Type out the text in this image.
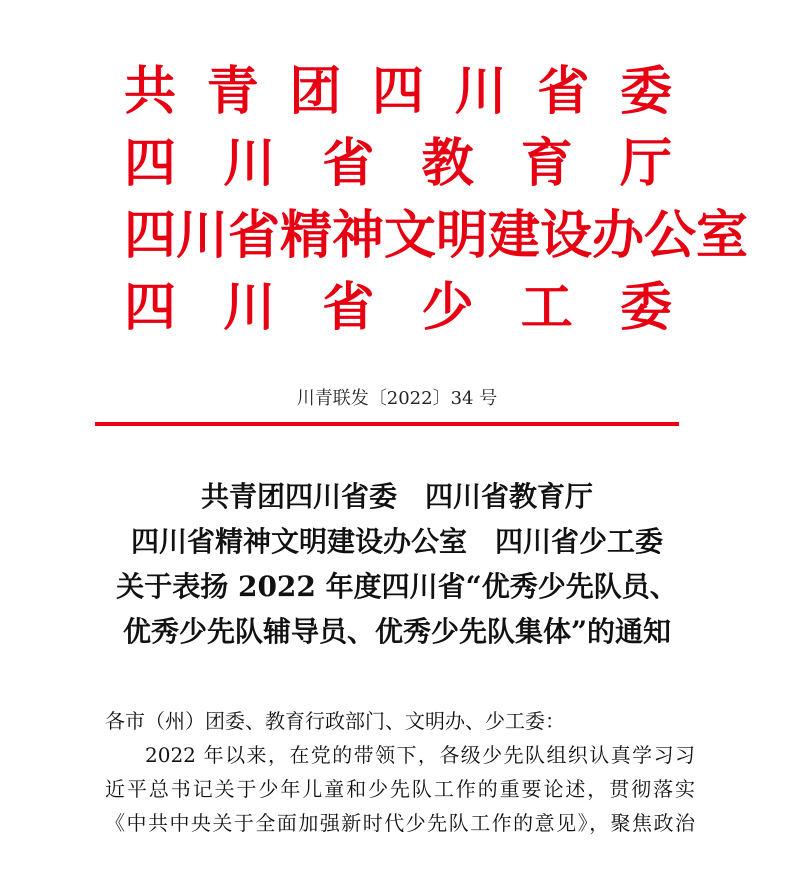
共青团四川省委
四川省教育厅
四川省精神文明建设办公室
四川省少工委
川青联发〔2022〕34 号
共青团四川省委　四川省教育厅
四川省精神文明建设办公室　四川省少工委
关于表扬 2022 年度四川省“优秀少先队员、
优秀少先队辅导员、优秀少先队集体”的通知
各市（州）团委、教育行政部门、文明办、少工委：
2022 年以来，在党的带领下，各级少先队组织认真学习习
近平总书记关于少年儿童和少先队工作的重要论述，贯彻落实
《中共中央关于全面加强新时代少先队工作的意见》，聚焦政治
